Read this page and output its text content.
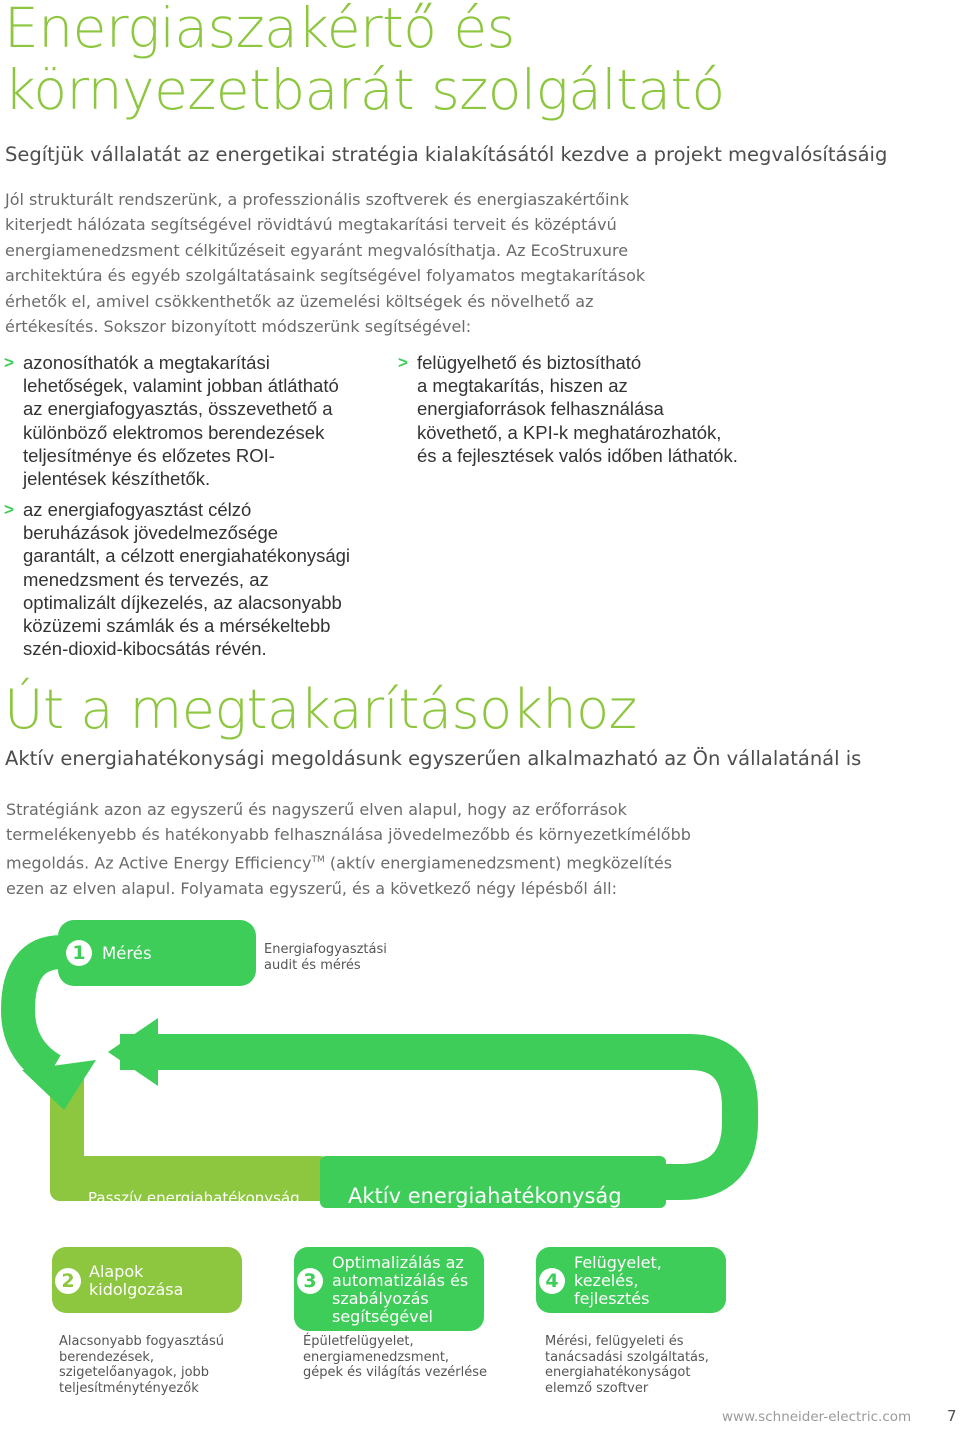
Energiaszakértő és
környezetbarát szolgáltató
Segítjük vállalatát az energetikai stratégia kialakításától kezdve a projekt megvalósításáig
Jól strukturált rendszerünk, a professzionális szoftverek és energiaszakértőink
kiterjedt hálózata segítségével rövidtávú megtakarítási terveit és középtávú
energiamenedzsment célkitűzéseit egyaránt megvalósíthatja. Az EcoStruxure
architektúra és egyéb szolgáltatásaink segítségével folyamatos megtakarítások
érhetők el, amivel csökkenthetők az üzemelési költségek és növelhető az
értékesítés. Sokszor bizonyított módszerünk segítségével:
> azonosíthatók a megtakarítási
lehetőségek, valamint jobban átlátható
az energiafogyasztás, összevethető a
különböző elektromos berendezések
teljesítménye és előzetes ROI-
jelentések készíthetők.
> az energiafogyasztást célzó
beruházások jövedelmezősége
garantált, a célzott energiahatékonysági
menedzsment és tervezés, az
optimalizált díjkezelés, az alacsonyabb
közüzemi számlák és a mérsékeltebb
szén-dioxid-kibocsátás révén.
> felügyelhető és biztosítható
a megtakarítás, hiszen az
energiaforrások felhasználása
követhető, a KPI-k meghatározhatók,
és a fejlesztések valós időben láthatók.
Út a megtakarításokhoz
Aktív energiahatékonysági megoldásunk egyszerűen alkalmazható az Ön vállalatánál is
Stratégiánk azon az egyszerű és nagyszerű elven alapul, hogy az erőforrások
termelékenyebb és hatékonyabb felhasználása jövedelmezőbb és környezetkímélőbb
megoldás. Az Active Energy Efficiency™ (aktív energiamenedzsment) megközelítés
ezen az elven alapul. Folyamata egyszerű, és a következő négy lépésből áll:
1 Mérés	Energiafogyasztási
audit és mérés
Passzív energiahatékonyság Aktív energiahatékonyság
2 Alapok
kidolgozása
Alacsonyabb fogyasztású
berendezések,
szigetelőanyagok, jobb
teljesítménytényezők
3
Optimalizálás az
automatizálás és
szabályozás
segítségével
Épületfelügyelet,
energiamenedzsment,
gépek és világítás vezérlése
4
Felügyelet,
kezelés,
fejlesztés
Mérési, felügyeleti és
tanácsadási szolgáltatás,
energiahatékonyságot
elemző szoftver
www.schneider-electric.com 7
